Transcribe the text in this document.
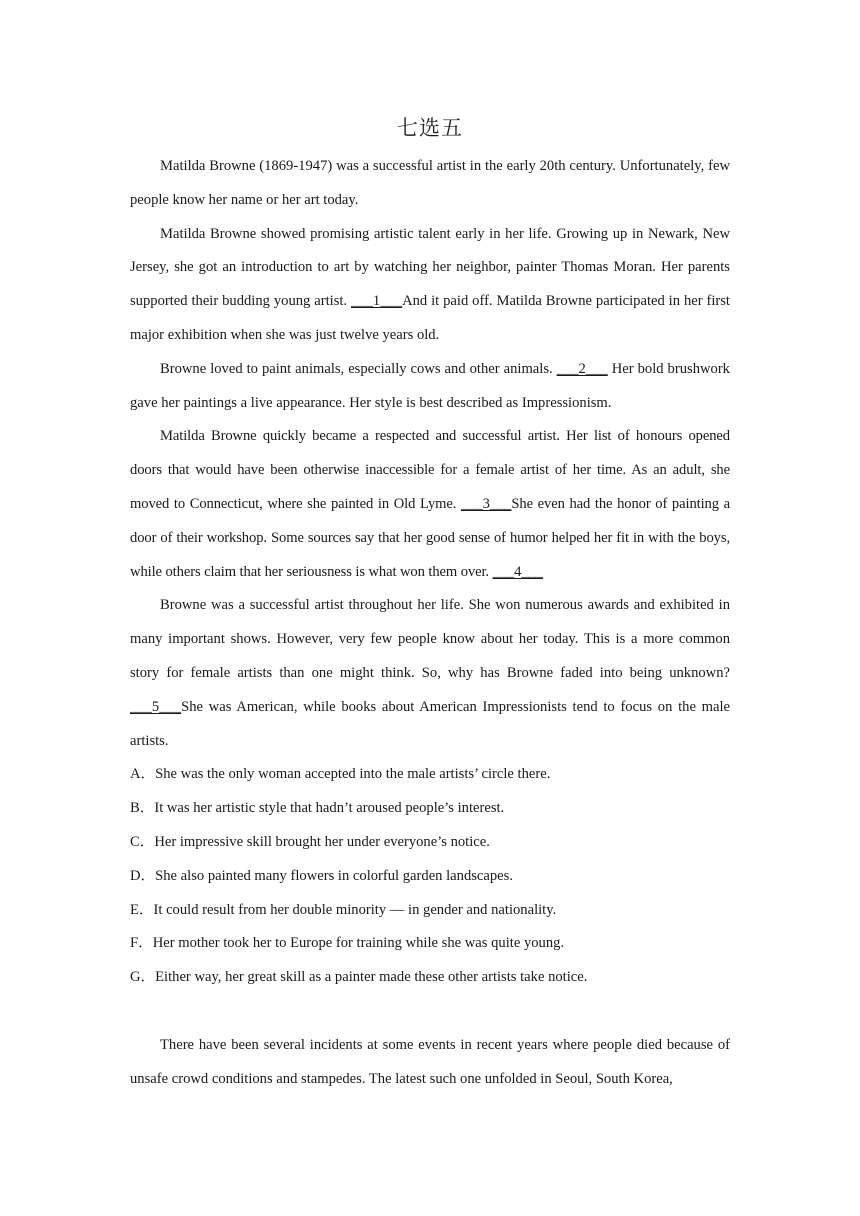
七选五

Matilda Browne (1869-1947) was a successful artist in the early 20th century. Unfortunately, few people know her name or her art today.

Matilda Browne showed promising artistic talent early in her life. Growing up in Newark, New Jersey, she got an introduction to art by watching her neighbor, painter Thomas Moran. Her parents supported their budding young artist. ___1___And it paid off. Matilda Browne participated in her first major exhibition when she was just twelve years old.

Browne loved to paint animals, especially cows and other animals. ___2___ Her bold brushwork gave her paintings a live appearance. Her style is best described as Impressionism.

Matilda Browne quickly became a respected and successful artist. Her list of honours opened doors that would have been otherwise inaccessible for a female artist of her time. As an adult, she moved to Connecticut, where she painted in Old Lyme. ___3___She even had the honor of painting a door of their workshop. Some sources say that her good sense of humor helped her fit in with the boys, while others claim that her seriousness is what won them over. ___4___

Browne was a successful artist throughout her life. She won numerous awards and exhibited in many important shows. However, very few people know about her today. This is a more common story for female artists than one might think. So, why has Browne faded into being unknown? ___5___She was American, while books about American Impressionists tend to focus on the male artists.

A．She was the only woman accepted into the male artists’ circle there.

B．It was her artistic style that hadn’t aroused people’s interest.

C．Her impressive skill brought her under everyone’s notice.

D．She also painted many flowers in colorful garden landscapes.

E．It could result from her double minority — in gender and nationality.

F．Her mother took her to Europe for training while she was quite young.

G．Either way, her great skill as a painter made these other artists take notice.

There have been several incidents at some events in recent years where people died because of unsafe crowd conditions and stampedes. The latest such one unfolded in Seoul, South Korea,
